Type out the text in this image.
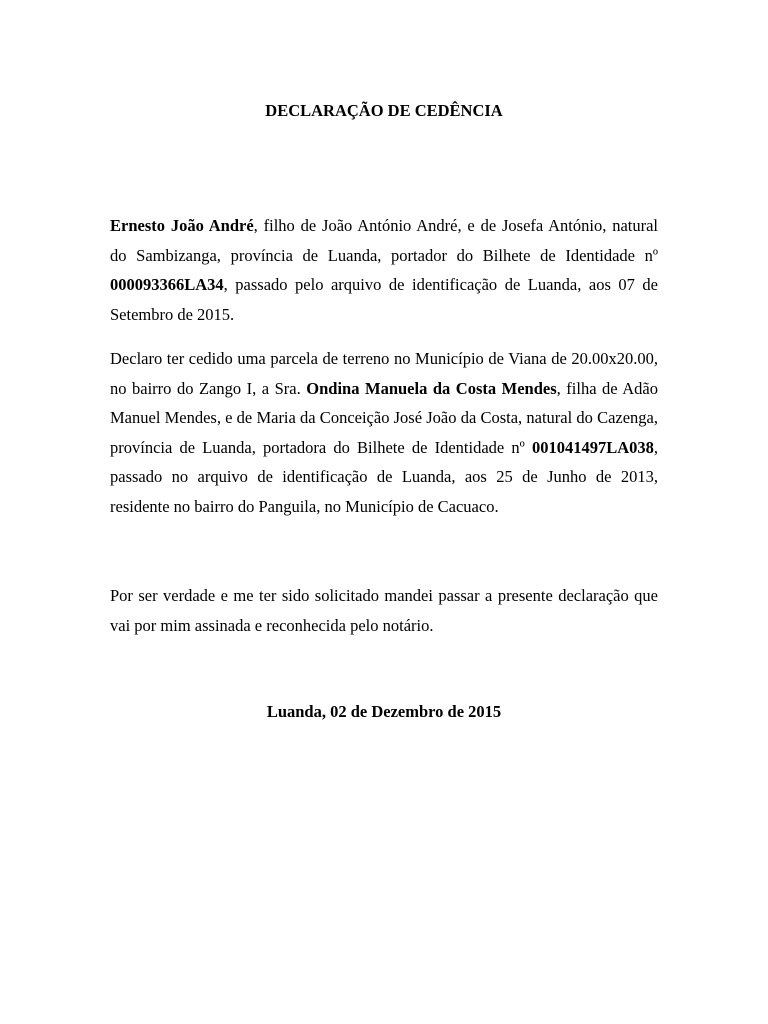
DECLARAÇÃO DE CEDÊNCIA

Ernesto João André, filho de João António André, e de Josefa António, natural do Sambizanga, província de Luanda, portador do Bilhete de Identidade nº 000093366LA34, passado pelo arquivo de identificação de Luanda, aos 07 de Setembro de 2015.

Declaro ter cedido uma parcela de terreno no Município de Viana de 20.00x20.00, no bairro do Zango I, a Sra. Ondina Manuela da Costa Mendes, filha de Adão Manuel Mendes, e de Maria da Conceição José João da Costa, natural do Cazenga, província de Luanda, portadora do Bilhete de Identidade nº 001041497LA038, passado no arquivo de identificação de Luanda, aos 25 de Junho de 2013, residente no bairro do Panguila, no Município de Cacuaco.

Por ser verdade e me ter sido solicitado mandei passar a presente declaração que vai por mim assinada e reconhecida pelo notário.

Luanda, 02 de Dezembro de 2015
